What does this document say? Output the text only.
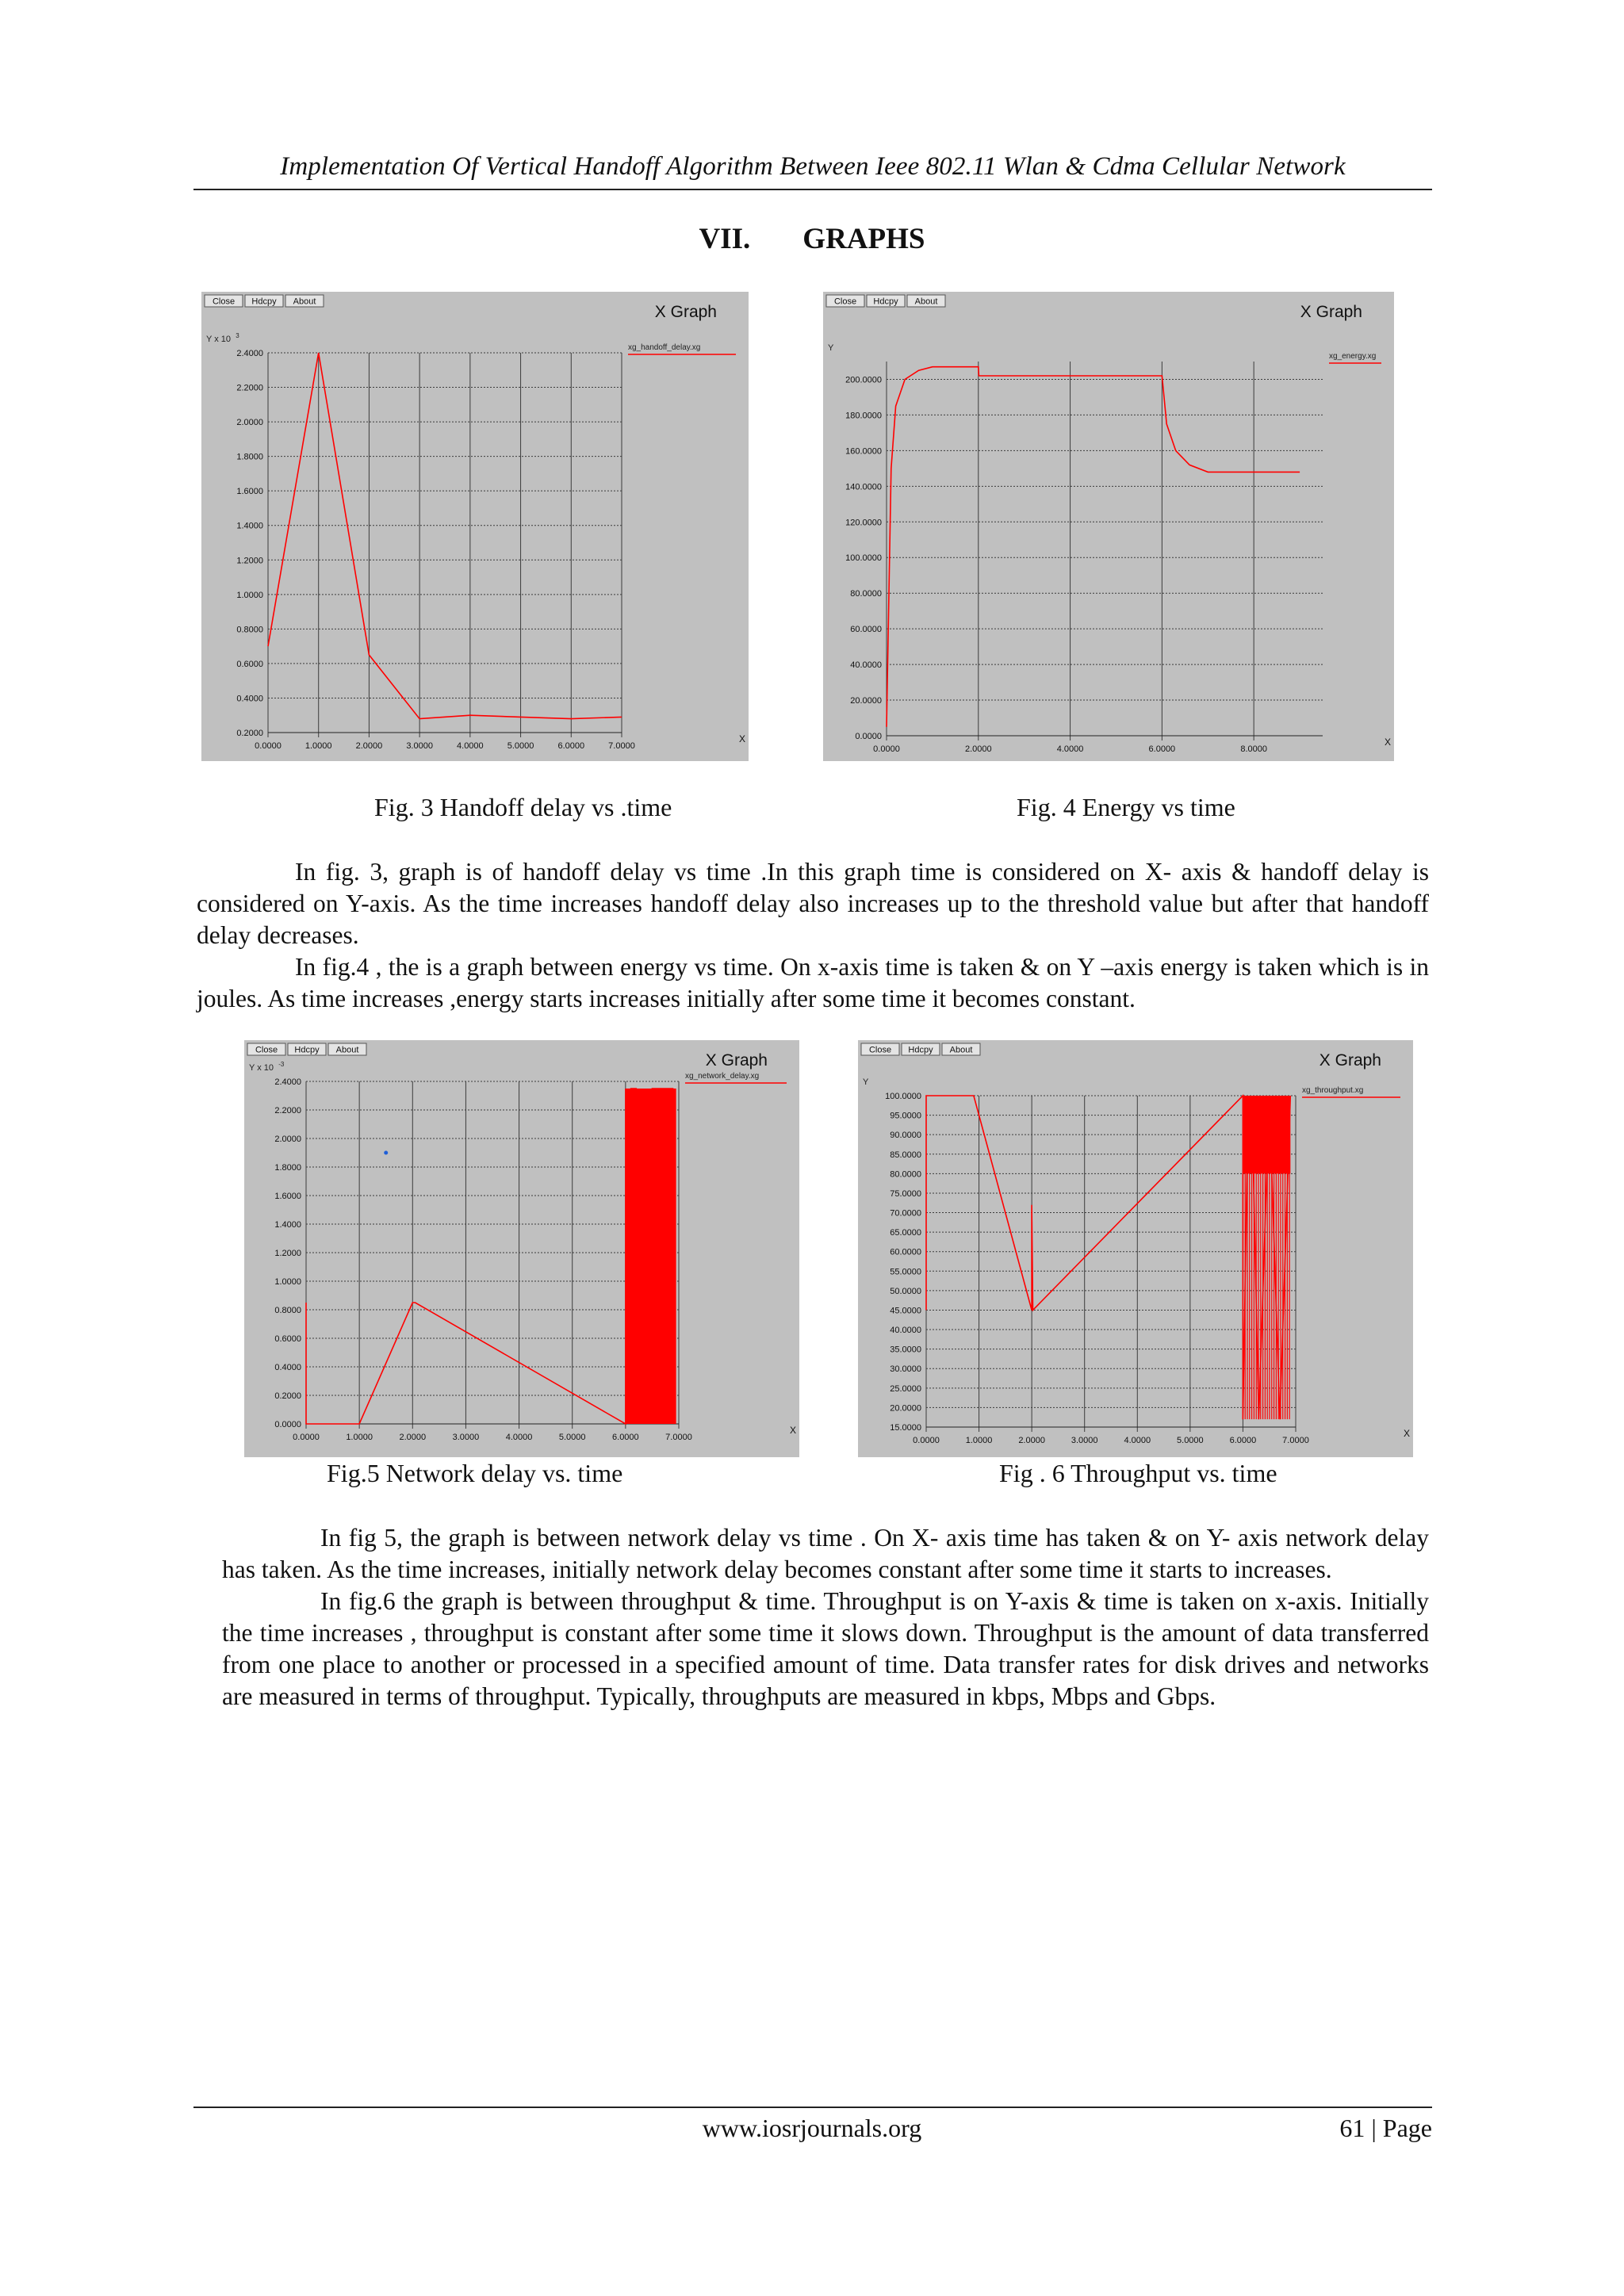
Implementation Of Vertical Handoff Algorithm Between Ieee 802.11 Wlan & Cdma Cellular Network
VII. GRAPHS
Close Hdcpy About
X Graph
xg_handoff_delay.xg
Y x 10 3
2.4000
2.2000
2.0000
1.8000
1.6000
1.4000
1.2000
1.0000
0.8000
0.6000
0.4000
0.2000
0.0000	1.0000	2.0000	3.0000	4.0000	5.0000	6.0000	7.0000
X
Close Hdcpy About
X Graph
xg_energy.xg
Y
200.0000
180.0000
160.0000
140.0000
120.0000
100.0000
80.0000
60.0000
40.0000
20.0000
0.0000
0.0000	2.0000	4.0000	6.0000	8.0000
X
Fig. 3 Handoff delay vs .time	Fig. 4 Energy vs time

In fig. 3, graph is of handoff delay vs time .In this graph time is considered on X- axis & handoff delay is considered on Y-axis. As the time increases handoff delay also increases up to the threshold value but after that handoff delay decreases.

In fig.4 , the is a graph between energy vs time. On x-axis time is taken & on Y –axis energy is taken which is in joules. As time increases ,energy starts increases initially after some time it becomes constant.

Close Hdcpy About
X Graph
xg_network_delay.xg
Y x 10 -3
2.4000
2.2000
2.0000
1.8000
1.6000
1.4000
1.2000
1.0000
0.8000
0.6000
0.4000
0.2000
0.0000
0.0000	1.0000	2.0000	3.0000	4.0000	5.0000	6.0000	7.0000
X
Close Hdcpy About
X Graph
xg_throughput.xg
Y
100.0000
95.0000
90.0000
85.0000
80.0000
75.0000
70.0000
65.0000
60.0000
55.0000
50.0000
45.0000
40.0000
35.0000
30.0000
25.0000
20.0000
15.0000
0.0000	1.0000	2.0000	3.0000	4.0000	5.0000	6.0000	7.0000
X
Fig.5 Network delay vs. time	Fig . 6 Throughput vs. time

In fig 5, the graph is between network delay vs time . On X- axis time has taken & on Y- axis network delay has taken. As the time increases, initially network delay becomes constant after some time it starts to increases.

In fig.6 the graph is between throughput & time. Throughput is on Y-axis & time is taken on x-axis. Initially the time increases , throughput is constant after some time it slows down. Throughput is the amount of data transferred from one place to another or processed in a specified amount of time. Data transfer rates for disk drives and networks are measured in terms of throughput. Typically, throughputs are measured in kbps, Mbps and Gbps.

www.iosrjournals.org	61 | Page
